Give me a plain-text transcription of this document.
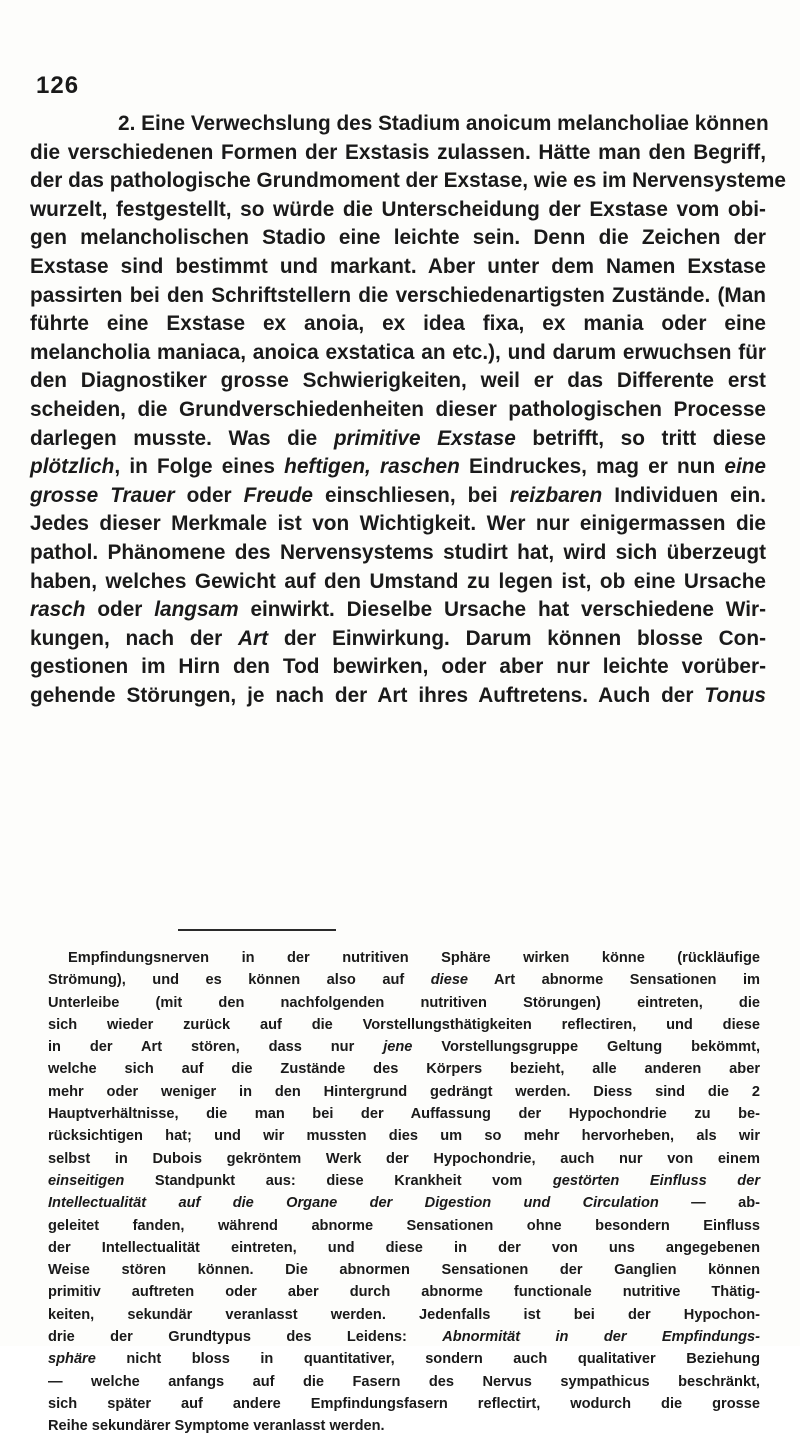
126
2. Eine Verwechslung des Stadium anoicum melancholiae können
die verschiedenen Formen der Exstasis zulassen. Hätte man den Begriff,
der das pathologische Grundmoment der Exstase, wie es im Nervensysteme
wurzelt, festgestellt, so würde die Unterscheidung der Exstase vom obi-
gen melancholischen Stadio eine leichte sein. Denn die Zeichen der
Exstase sind bestimmt und markant. Aber unter dem Namen Exstase
passirten bei den Schriftstellern die verschiedenartigsten Zustände. (Man
führte eine Exstase ex anoia, ex idea fixa, ex mania oder eine
melancholia maniaca, anoica exstatica an etc.), und darum erwuchsen für
den Diagnostiker grosse Schwierigkeiten, weil er das Differente erst
scheiden, die Grundverschiedenheiten dieser pathologischen Processe
darlegen musste. Was die primitive Exstase betrifft, so tritt diese
plötzlich, in Folge eines heftigen, raschen Eindruckes, mag er nun eine
grosse Trauer oder Freude einschliesen, bei reizbaren Individuen ein.
Jedes dieser Merkmale ist von Wichtigkeit. Wer nur einigermassen die
pathol. Phänomene des Nervensystems studirt hat, wird sich überzeugt
haben, welches Gewicht auf den Umstand zu legen ist, ob eine Ursache
rasch oder langsam einwirkt. Dieselbe Ursache hat verschiedene Wir-
kungen, nach der Art der Einwirkung. Darum können blosse Con-
gestionen im Hirn den Tod bewirken, oder aber nur leichte vorüber-
gehende Störungen, je nach der Art ihres Auftretens. Auch der Tonus
Empfindungsnerven in der nutritiven Sphäre wirken könne (rückläufige
Strömung), und es können also auf diese Art abnorme Sensationen im
Unterleibe (mit den nachfolgenden nutritiven Störungen) eintreten, die
sich wieder zurück auf die Vorstellungsthätigkeiten reflectiren, und diese
in der Art stören, dass nur jene Vorstellungsgruppe Geltung bekömmt,
welche sich auf die Zustände des Körpers bezieht, alle anderen aber
mehr oder weniger in den Hintergrund gedrängt werden. Diess sind die 2
Hauptverhältnisse, die man bei der Auffassung der Hypochondrie zu be-
rücksichtigen hat; und wir mussten dies um so mehr hervorheben, als wir
selbst in Dubois gekröntem Werk der Hypochondrie, auch nur von einem
einseitigen Standpunkt aus: diese Krankheit vom gestörten Einfluss der
Intellectualität auf die Organe der Digestion und Circulation — ab-
geleitet fanden, während abnorme Sensationen ohne besondern Einfluss
der Intellectualität eintreten, und diese in der von uns angegebenen
Weise stören können. Die abnormen Sensationen der Ganglien können
primitiv auftreten oder aber durch abnorme functionale nutritive Thätig-
keiten, sekundär veranlasst werden. Jedenfalls ist bei der Hypochon-
drie der Grundtypus des Leidens: Abnormität in der Empfindungs-
sphäre nicht bloss in quantitativer, sondern auch qualitativer Beziehung
— welche anfangs auf die Fasern des Nervus sympathicus beschränkt,
sich später auf andere Empfindungsfasern reflectirt, wodurch die grosse
Reihe sekundärer Symptome veranlasst werden.
